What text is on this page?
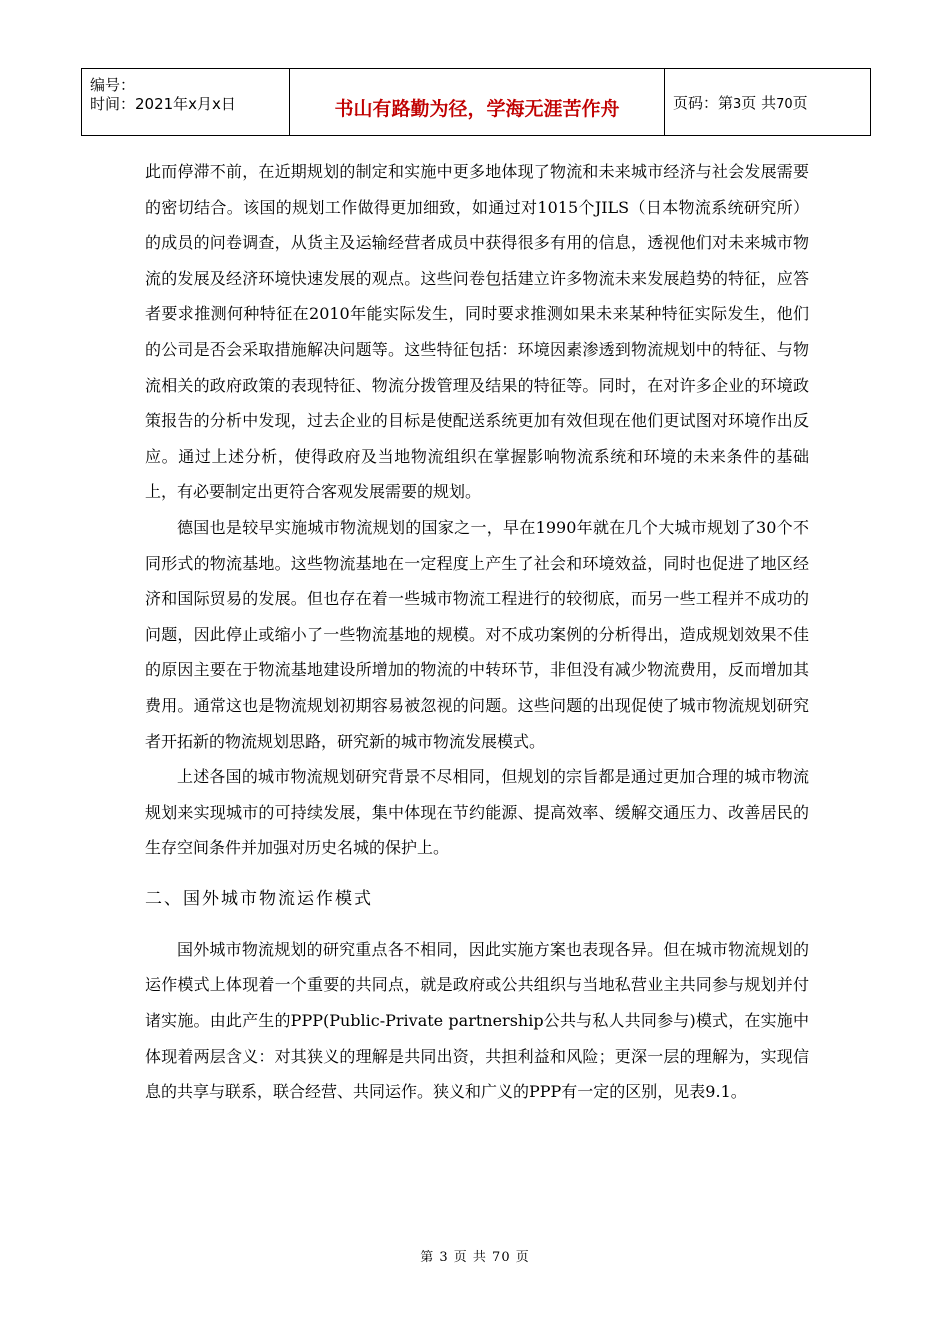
编号：
时间：2021年x月x日	书山有路勤为径，学海无涯苦作舟	页码：第3页 共70页

此而停滞不前，在近期规划的制定和实施中更多地体现了物流和未来城市经济与社会发展需要的密切结合。该国的规划工作做得更加细致，如通过对1015个JILS（日本物流系统研究所）的成员的问卷调查，从货主及运输经营者成员中获得很多有用的信息，透视他们对未来城市物流的发展及经济环境快速发展的观点。这些问卷包括建立许多物流未来发展趋势的特征，应答者要求推测何种特征在2010年能实际发生，同时要求推测如果未来某种特征实际发生，他们的公司是否会采取措施解决问题等。这些特征包括：环境因素渗透到物流规划中的特征、与物流相关的政府政策的表现特征、物流分拨管理及结果的特征等。同时，在对许多企业的环境政策报告的分析中发现，过去企业的目标是使配送系统更加有效但现在他们更试图对环境作出反应。通过上述分析，使得政府及当地物流组织在掌握影响物流系统和环境的未来条件的基础上，有必要制定出更符合客观发展需要的规划。

德国也是较早实施城市物流规划的国家之一，早在1990年就在几个大城市规划了30个不同形式的物流基地。这些物流基地在一定程度上产生了社会和环境效益，同时也促进了地区经济和国际贸易的发展。但也存在着一些城市物流工程进行的较彻底，而另一些工程并不成功的问题，因此停止或缩小了一些物流基地的规模。对不成功案例的分析得出，造成规划效果不佳的原因主要在于物流基地建设所增加的物流的中转环节，非但没有减少物流费用，反而增加其费用。通常这也是物流规划初期容易被忽视的问题。这些问题的出现促使了城市物流规划研究者开拓新的物流规划思路，研究新的城市物流发展模式。

上述各国的城市物流规划研究背景不尽相同，但规划的宗旨都是通过更加合理的城市物流规划来实现城市的可持续发展，集中体现在节约能源、提高效率、缓解交通压力、改善居民的生存空间条件并加强对历史名城的保护上。

二、国外城市物流运作模式

国外城市物流规划的研究重点各不相同，因此实施方案也表现各异。但在城市物流规划的运作模式上体现着一个重要的共同点，就是政府或公共组织与当地私营业主共同参与规划并付诸实施。由此产生的PPP(Public-Private partnership公共与私人共同参与)模式，在实施中体现着两层含义：对其狭义的理解是共同出资，共担利益和风险；更深一层的理解为，实现信息的共享与联系，联合经营、共同运作。狭义和广义的PPP有一定的区别，见表9.1。

第 3 页 共 70 页
